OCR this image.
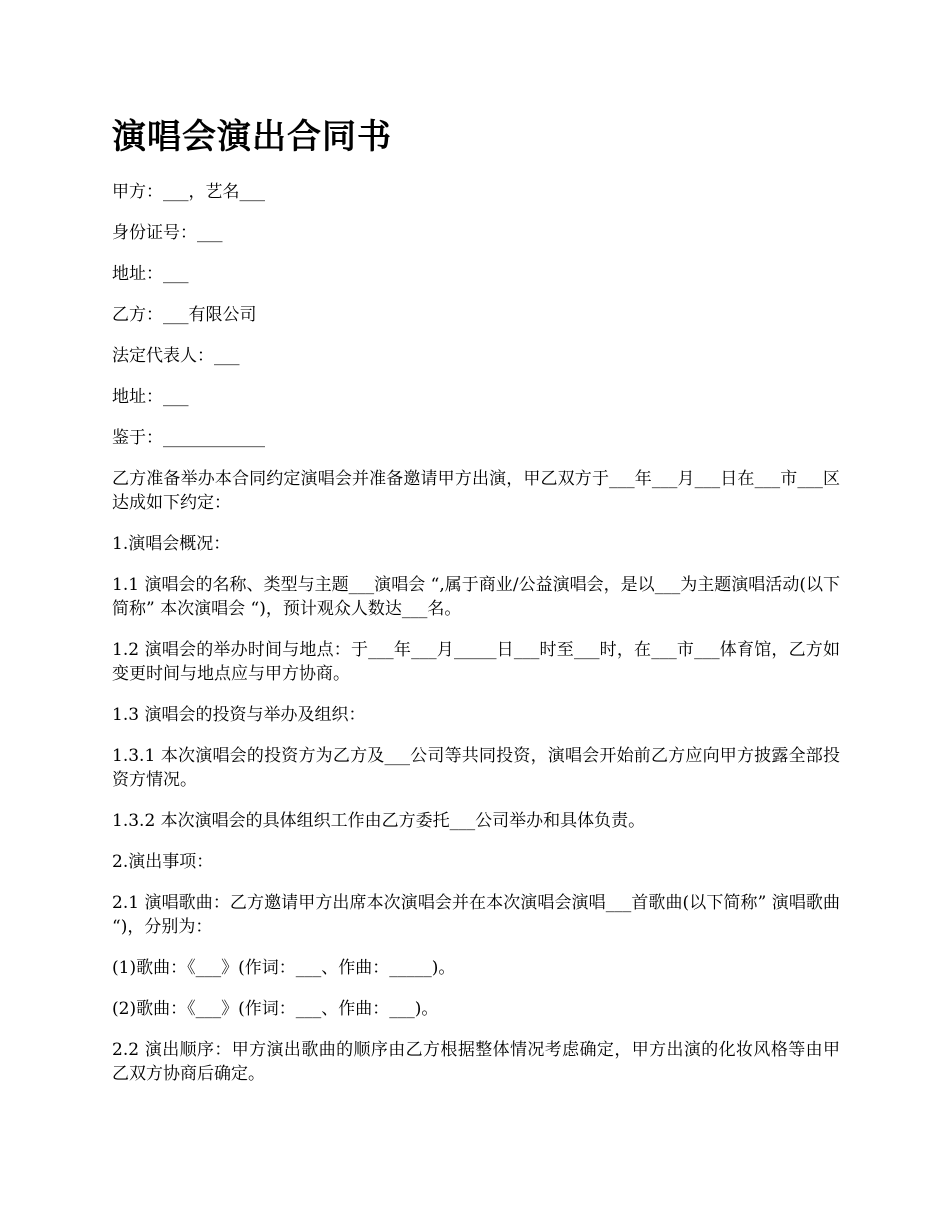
演唱会演出合同书

甲方：___，艺名___

身份证号：___

地址：___

乙方：___有限公司

法定代表人：___

地址：___

鉴于：____________

乙方准备举办本合同约定演唱会并准备邀请甲方出演，甲乙双方于___年___月___日在___市___区达成如下约定：

1.演唱会概况：

1.1 演唱会的名称、类型与主题___演唱会 “,属于商业/公益演唱会，是以___为主题演唱活动(以下简称” 本次演唱会 “)，预计观众人数达___名。

1.2 演唱会的举办时间与地点：于___年___月_____日___时至___时，在___市___体育馆，乙方如变更时间与地点应与甲方协商。

1.3 演唱会的投资与举办及组织：

1.3.1 本次演唱会的投资方为乙方及___公司等共同投资，演唱会开始前乙方应向甲方披露全部投资方情况。

1.3.2 本次演唱会的具体组织工作由乙方委托___公司举办和具体负责。

2.演出事项：

2.1 演唱歌曲：乙方邀请甲方出席本次演唱会并在本次演唱会演唱___首歌曲(以下简称” 演唱歌曲 “)，分别为：

(1)歌曲：《___》(作词：___、作曲：_____)。

(2)歌曲：《___》(作词：___、作曲：___)。

2.2 演出顺序：甲方演出歌曲的顺序由乙方根据整体情况考虑确定，甲方出演的化妆风格等由甲乙双方协商后确定。
